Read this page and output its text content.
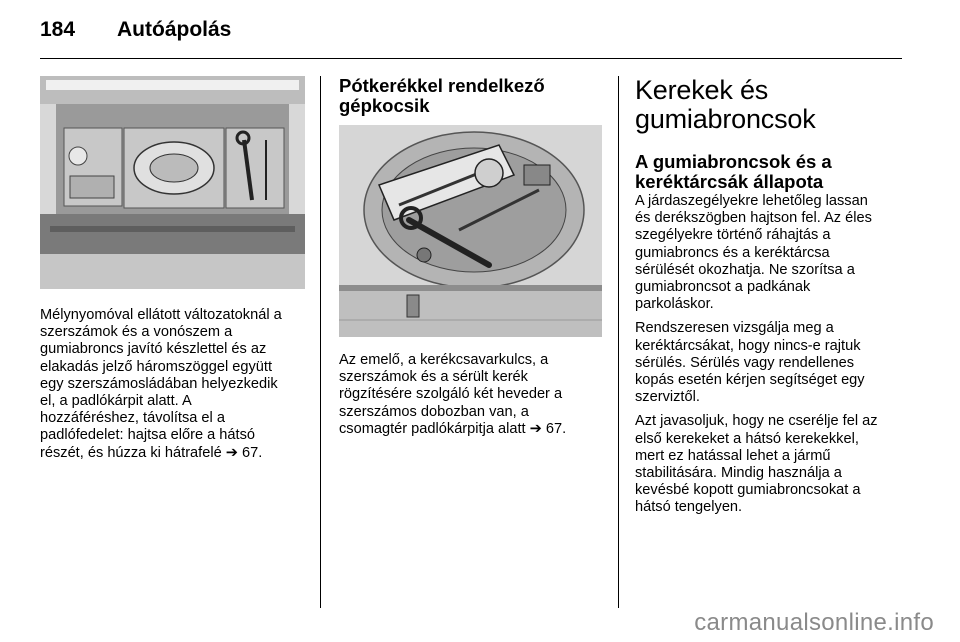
184 Autóápolás
Mélynyomóval ellátott változatoknál a
szerszámok és a vonószem a
gumiabroncs javító készlettel és az
elakadás jelző háromszöggel együtt
egy szerszámosládában helyezkedik
el, a padlókárpit alatt. A
hozzáféréshez, távolítsa el a
padlófedelet: hajtsa előre a hátsó
részét, és húzza ki hátrafelé ➔ 67.
Pótkerékkel rendelkező
gépkocsik
Az emelő, a kerékcsavarkulcs, a
szerszámok és a sérült kerék
rögzítésére szolgáló két heveder a
szerszámos dobozban van, a
csomagtér padlókárpitja alatt ➔ 67.
Kerekek és
gumiabroncsok
A gumiabroncsok és a
keréktárcsák állapota

A járdaszegélyekre lehetőleg lassan
és derékszögben hajtson fel. Az éles
szegélyekre történő ráhajtás a
gumiabroncs és a keréktárcsa
sérülését okozhatja. Ne szorítsa a
gumiabroncsot a padkának
parkoláskor.

Rendszeresen vizsgálja meg a
keréktárcsákat, hogy nincs-e rajtuk
sérülés. Sérülés vagy rendellenes
kopás esetén kérjen segítséget egy
szerviztől.

Azt javasoljuk, hogy ne cserélje fel az
első kerekeket a hátsó kerekekkel,
mert ez hatással lehet a jármű
stabilitására. Mindig használja a
kevésbé kopott gumiabroncsokat a
hátsó tengelyen.

carmanualsonline.info
